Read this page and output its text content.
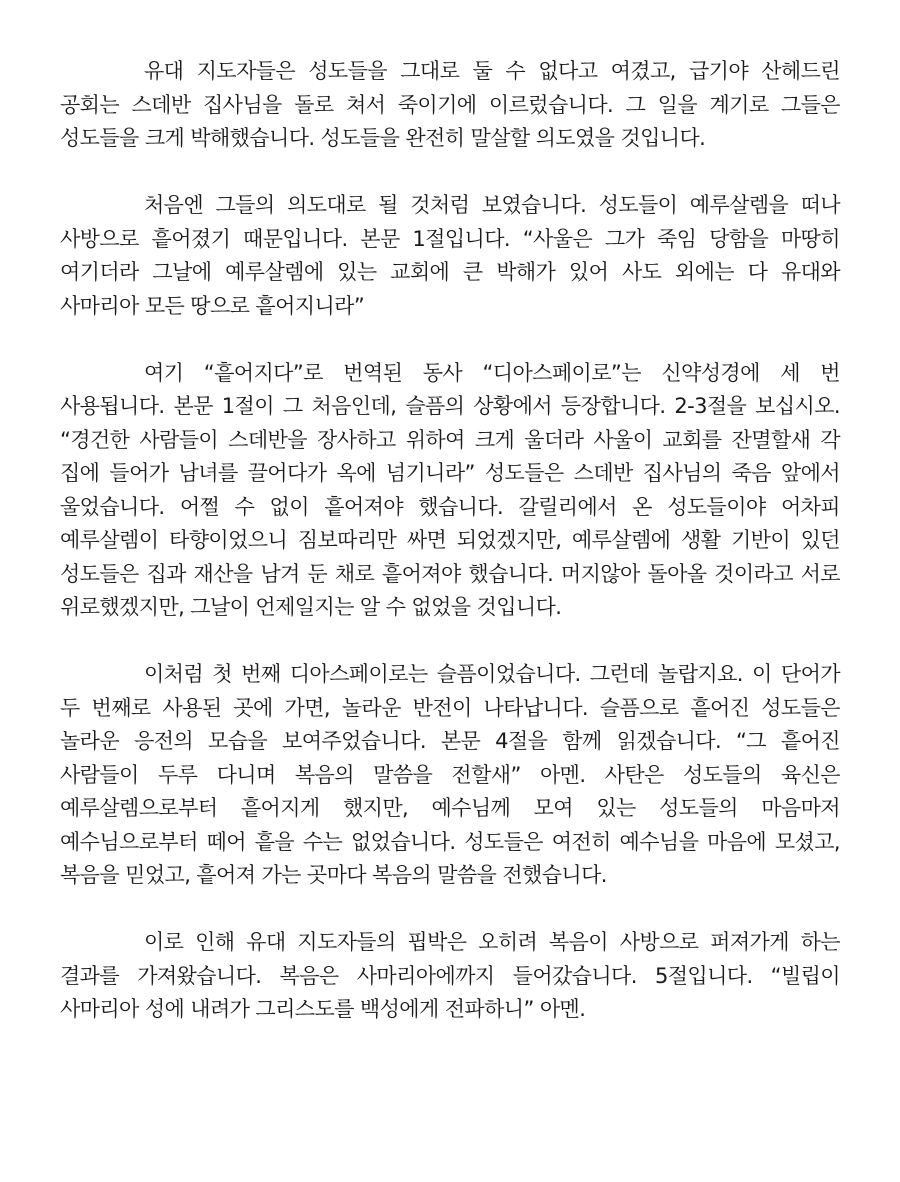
유대 지도자들은 성도들을 그대로 둘 수 없다고 여겼고, 급기야 산헤드린 공회는 스데반 집사님을 돌로 쳐서 죽이기에 이르렀습니다. 그 일을 계기로 그들은 성도들을 크게 박해했습니다. 성도들을 완전히 말살할 의도였을 것입니다.

처음엔 그들의 의도대로 될 것처럼 보였습니다. 성도들이 예루살렘을 떠나 사방으로 흩어졌기 때문입니다. 본문 1절입니다. “사울은 그가 죽임 당함을 마땅히 여기더라 그날에 예루살렘에 있는 교회에 큰 박해가 있어 사도 외에는 다 유대와 사마리아 모든 땅으로 흩어지니라”

여기 “흩어지다”로 번역된 동사 “디아스페이로”는 신약성경에 세 번 사용됩니다. 본문 1절이 그 처음인데, 슬픔의 상황에서 등장합니다. 2-3절을 보십시오. “경건한 사람들이 스데반을 장사하고 위하여 크게 울더라 사울이 교회를 잔멸할새 각 집에 들어가 남녀를 끌어다가 옥에 넘기니라” 성도들은 스데반 집사님의 죽음 앞에서 울었습니다. 어쩔 수 없이 흩어져야 했습니다. 갈릴리에서 온 성도들이야 어차피 예루살렘이 타향이었으니 짐보따리만 싸면 되었겠지만, 예루살렘에 생활 기반이 있던 성도들은 집과 재산을 남겨 둔 채로 흩어져야 했습니다. 머지않아 돌아올 것이라고 서로 위로했겠지만, 그날이 언제일지는 알 수 없었을 것입니다.

이처럼 첫 번째 디아스페이로는 슬픔이었습니다. 그런데 놀랍지요. 이 단어가 두 번째로 사용된 곳에 가면, 놀라운 반전이 나타납니다. 슬픔으로 흩어진 성도들은 놀라운 응전의 모습을 보여주었습니다. 본문 4절을 함께 읽겠습니다. “그 흩어진 사람들이 두루 다니며 복음의 말씀을 전할새” 아멘. 사탄은 성도들의 육신은 예루살렘으로부터 흩어지게 했지만, 예수님께 모여 있는 성도들의 마음마저 예수님으로부터 떼어 흩을 수는 없었습니다. 성도들은 여전히 예수님을 마음에 모셨고, 복음을 믿었고, 흩어져 가는 곳마다 복음의 말씀을 전했습니다.

이로 인해 유대 지도자들의 핍박은 오히려 복음이 사방으로 퍼져가게 하는 결과를 가져왔습니다. 복음은 사마리아에까지 들어갔습니다. 5절입니다. “빌립이 사마리아 성에 내려가 그리스도를 백성에게 전파하니” 아멘.
